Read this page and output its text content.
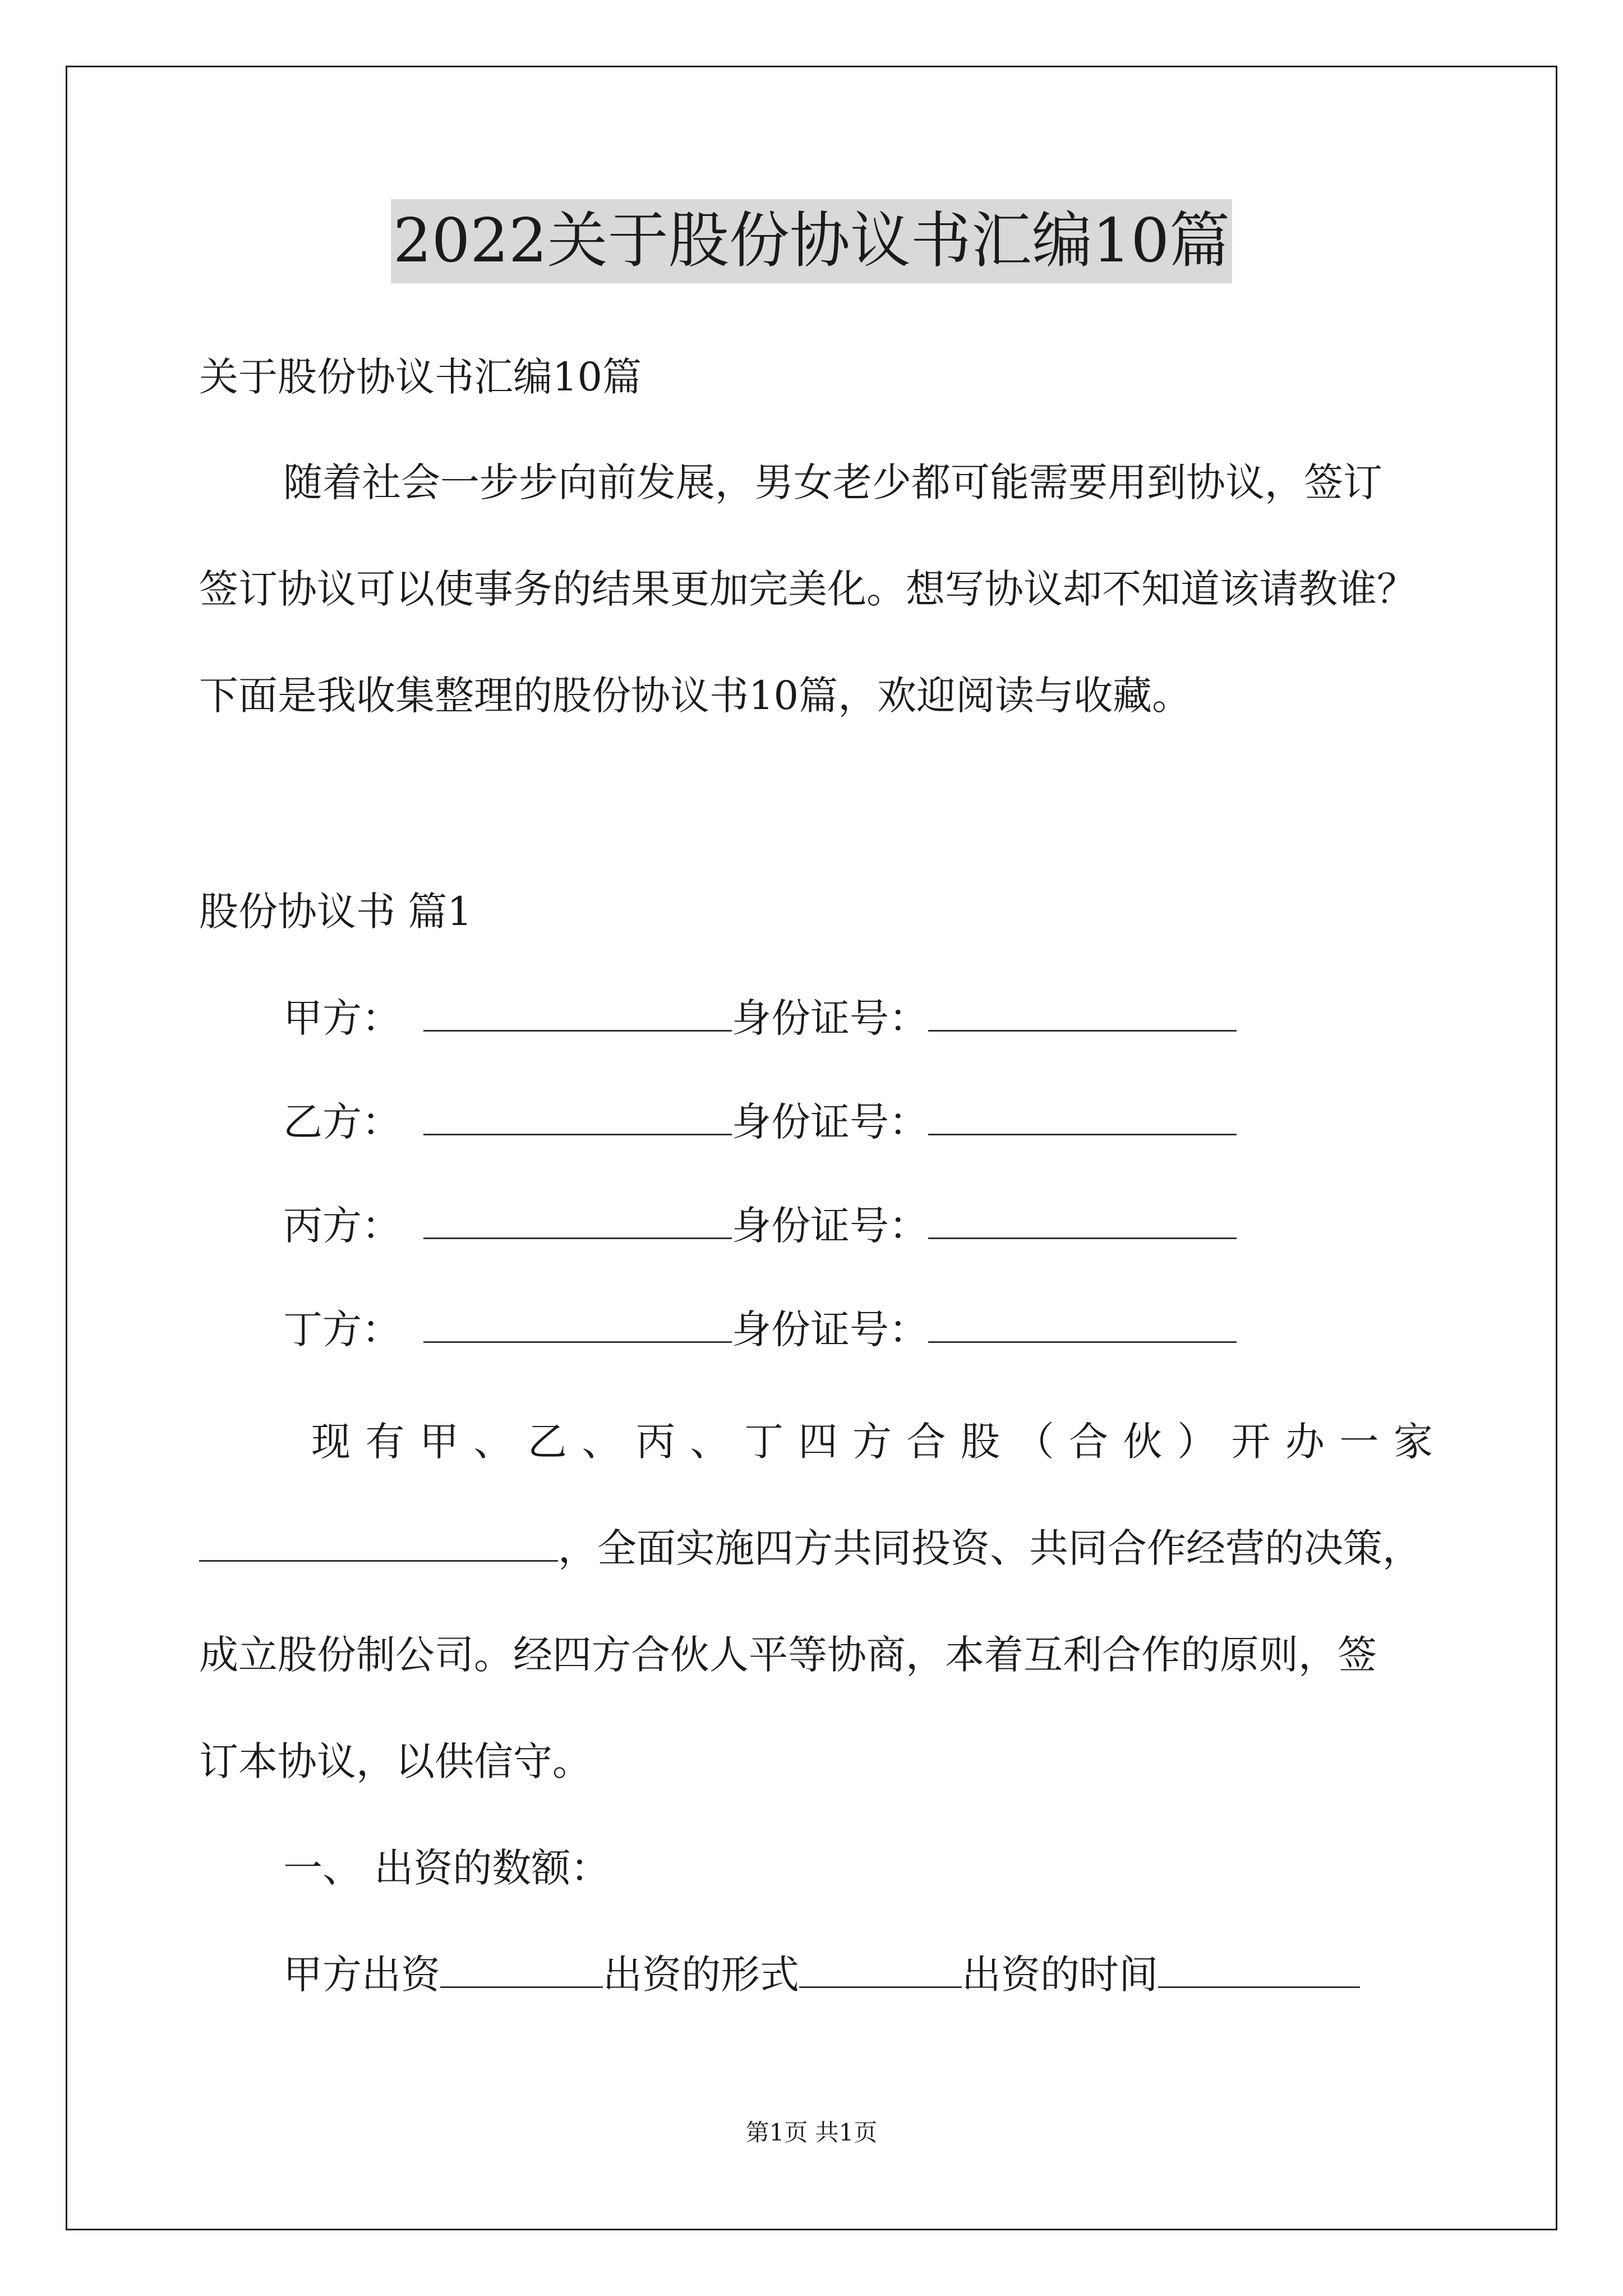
2022关于股份协议书汇编10篇
关于股份协议书汇编10篇
随着社会一步步向前发展，男女老少都可能需要用到协议，签订
签订协议可以使事务的结果更加完美化。想写协议却不知道该请教谁？
下面是我收集整理的股份协议书10篇，欢迎阅读与收藏。
股份协议书 篇1
甲方：	身份证号：
乙方：	身份证号：
丙方：	身份证号：
丁方：	身份证号：
现 有 甲 、 乙 、 丙 、 丁 四 方 合 股 （ 合 伙 ） 开 办 一 家
，全面实施四方共同投资、共同合作经营的决策，
成立股份制公司。经四方合伙人平等协商，本着互利合作的原则，签
订本协议，以供信守。
一、 出资的数额：
甲方出资	出资的形式	出资的时间
第1页 共1页
